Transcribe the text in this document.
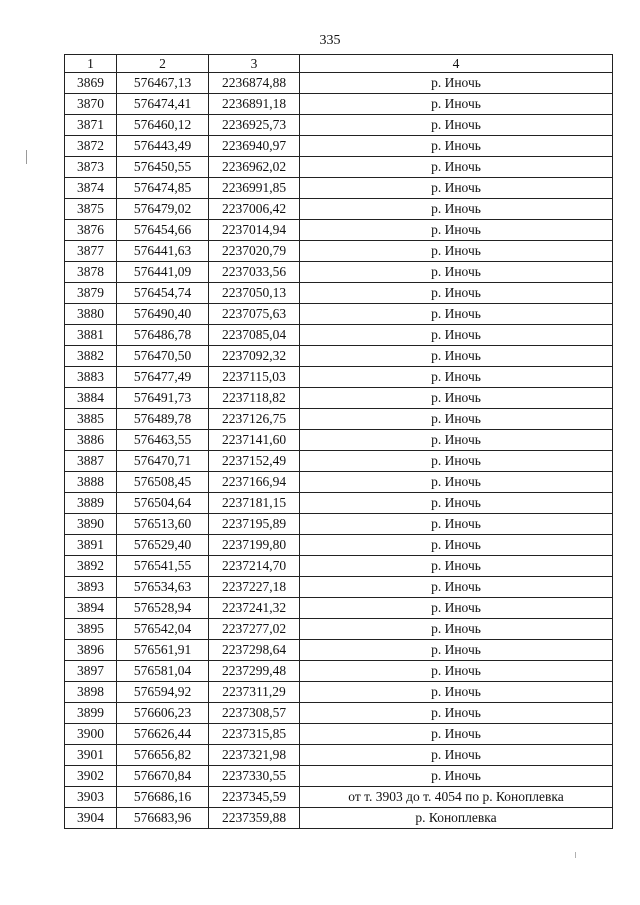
335
1	2	3	4
3869	576467,13	2236874,88	р. Иночь
3870	576474,41	2236891,18	р. Иночь
3871	576460,12	2236925,73	р. Иночь
3872	576443,49	2236940,97	р. Иночь
3873	576450,55	2236962,02	р. Иночь
3874	576474,85	2236991,85	р. Иночь
3875	576479,02	2237006,42	р. Иночь
3876	576454,66	2237014,94	р. Иночь
3877	576441,63	2237020,79	р. Иночь
3878	576441,09	2237033,56	р. Иночь
3879	576454,74	2237050,13	р. Иночь
3880	576490,40	2237075,63	р. Иночь
3881	576486,78	2237085,04	р. Иночь
3882	576470,50	2237092,32	р. Иночь
3883	576477,49	2237115,03	р. Иночь
3884	576491,73	2237118,82	р. Иночь
3885	576489,78	2237126,75	р. Иночь
3886	576463,55	2237141,60	р. Иночь
3887	576470,71	2237152,49	р. Иночь
3888	576508,45	2237166,94	р. Иночь
3889	576504,64	2237181,15	р. Иночь
3890	576513,60	2237195,89	р. Иночь
3891	576529,40	2237199,80	р. Иночь
3892	576541,55	2237214,70	р. Иночь
3893	576534,63	2237227,18	р. Иночь
3894	576528,94	2237241,32	р. Иночь
3895	576542,04	2237277,02	р. Иночь
3896	576561,91	2237298,64	р. Иночь
3897	576581,04	2237299,48	р. Иночь
3898	576594,92	2237311,29	р. Иночь
3899	576606,23	2237308,57	р. Иночь
3900	576626,44	2237315,85	р. Иночь
3901	576656,82	2237321,98	р. Иночь
3902	576670,84	2237330,55	р. Иночь
3903	576686,16	2237345,59	от т. 3903 до т. 4054 по р. Коноплевка
3904	576683,96	2237359,88	р. Коноплевка
